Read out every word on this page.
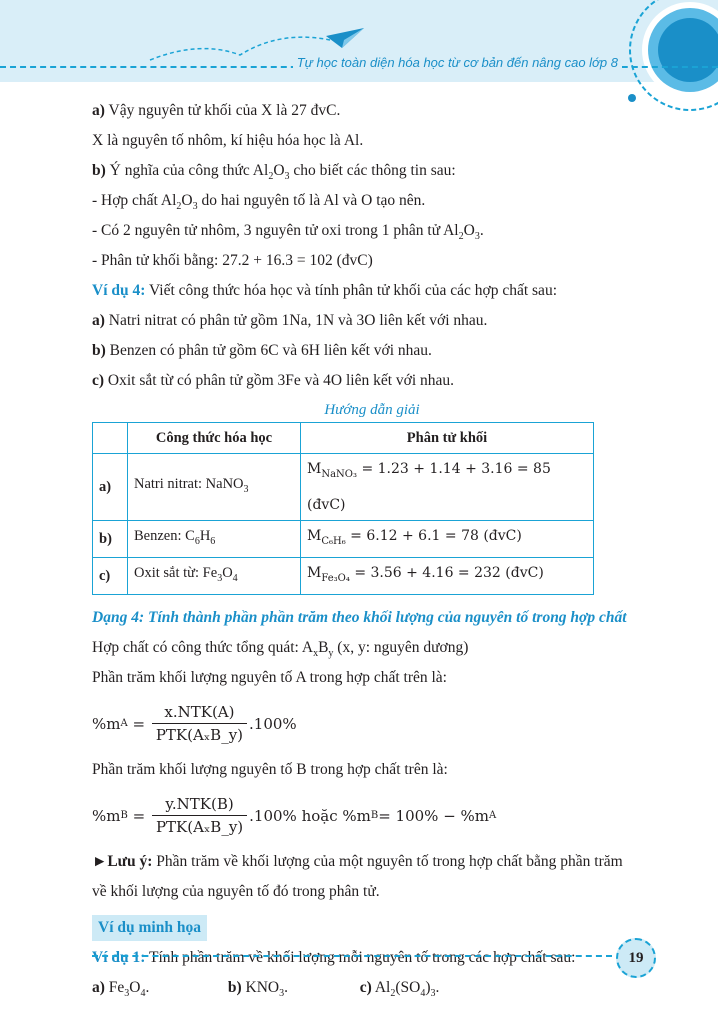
Tự học toàn diện hóa học từ cơ bản đến nâng cao lớp 8
a) Vậy nguyên tử khối của X là 27 đvC.
X là nguyên tố nhôm, kí hiệu hóa học là Al.
b) Ý nghĩa của công thức $Al_2O_3$ cho biết các thông tin sau:
- Hợp chất $Al_2O_3$ do hai nguyên tố là Al và O tạo nên.
- Có 2 nguyên tử nhôm, 3 nguyên tử oxi trong 1 phân tử $Al_2O_3$.
- Phân tử khối bằng: 27.2 + 16.3 = 102 (đvC)
Ví dụ 4: Viết công thức hóa học và tính phân tử khối của các hợp chất sau:
a) Natri nitrat có phân tử gồm 1Na, 1N và 3O liên kết với nhau.
b) Benzen có phân tử gồm 6C và 6H liên kết với nhau.
c) Oxit sắt từ có phân tử gồm 3Fe và 4O liên kết với nhau.
Hướng dẫn giải
	Công thức hóa học	Phân tử khối
a)	Natri nitrat: NaNO$_3$	$M_{NaNO_3} = 1.23 + 1.14 + 3.16 = 85$ (đvC)
b)	Benzen: $C_6H_6$	$M_{C_6H_6} = 6.12 + 6.1 = 78$ (đvC)
c)	Oxit sắt từ: $Fe_3O_4$	$M_{Fe_3O_4} = 3.56 + 4.16 = 232$ (đvC)
Dạng 4: Tính thành phần phần trăm theo khối lượng của nguyên tố trong hợp chất
Hợp chất có công thức tổng quát: $A_xB_y$ (x, y: nguyên dương)
Phần trăm khối lượng nguyên tố A trong hợp chất trên là:
%m $A = \frac{\text{x.NTK(A)}}{\text{PTK(AₓB\_y)}} .100\%$
Phần trăm khối lượng nguyên tố B trong hợp chất trên là:
%m $B = \frac{\text{y.NTK(B)}}{\text{PTK(AₓB\_y)}} .100\%$ hoặc %m B = 100% − %m A
►Lưu ý: Phần trăm về khối lượng của một nguyên tố trong hợp chất bằng phần trăm
về khối lượng của nguyên tố đó trong phân tử.
Ví dụ minh họa
Ví dụ 1: Tính phần trăm về khối lượng mỗi nguyên tố trong các hợp chất sau:
a) $Fe_3O_4$.	b) $KNO_3$.	c) $Al_2(SO_4)_3$.
19
